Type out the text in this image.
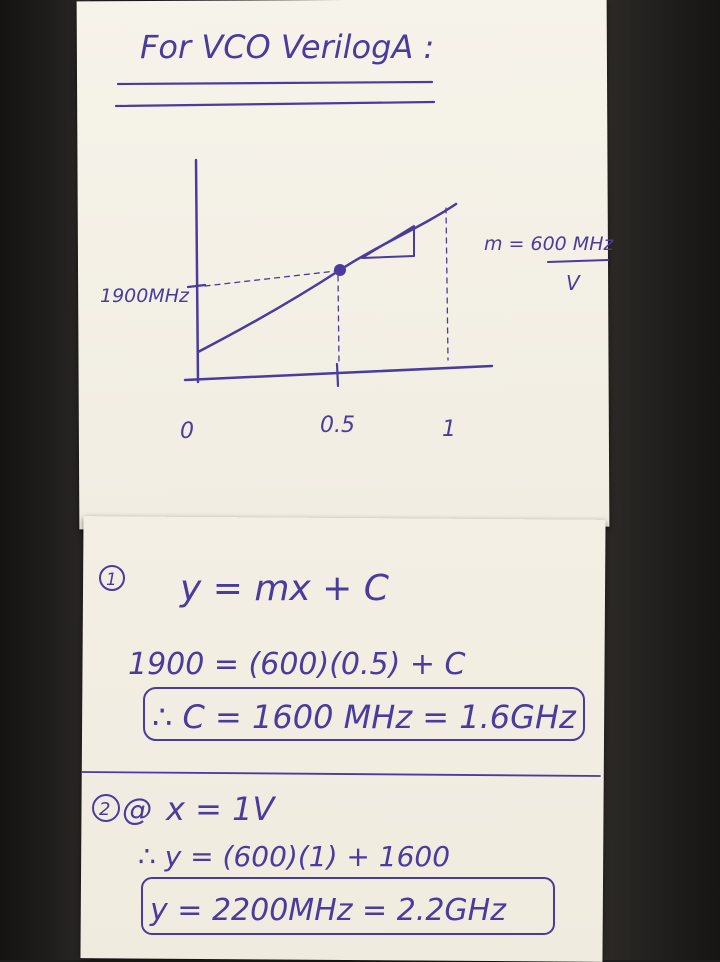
For VCO VerilogA :
1900MHz
0	0.5	1
m = 600 MHz
V
1 y = mx + C
1900 = (600)(0.5) + C
∴ C = 1600 MHz = 1.6GHz
2 @ x = 1V
∴ y = (600)(1) + 1600
y = 2200MHz = 2.2GHz
